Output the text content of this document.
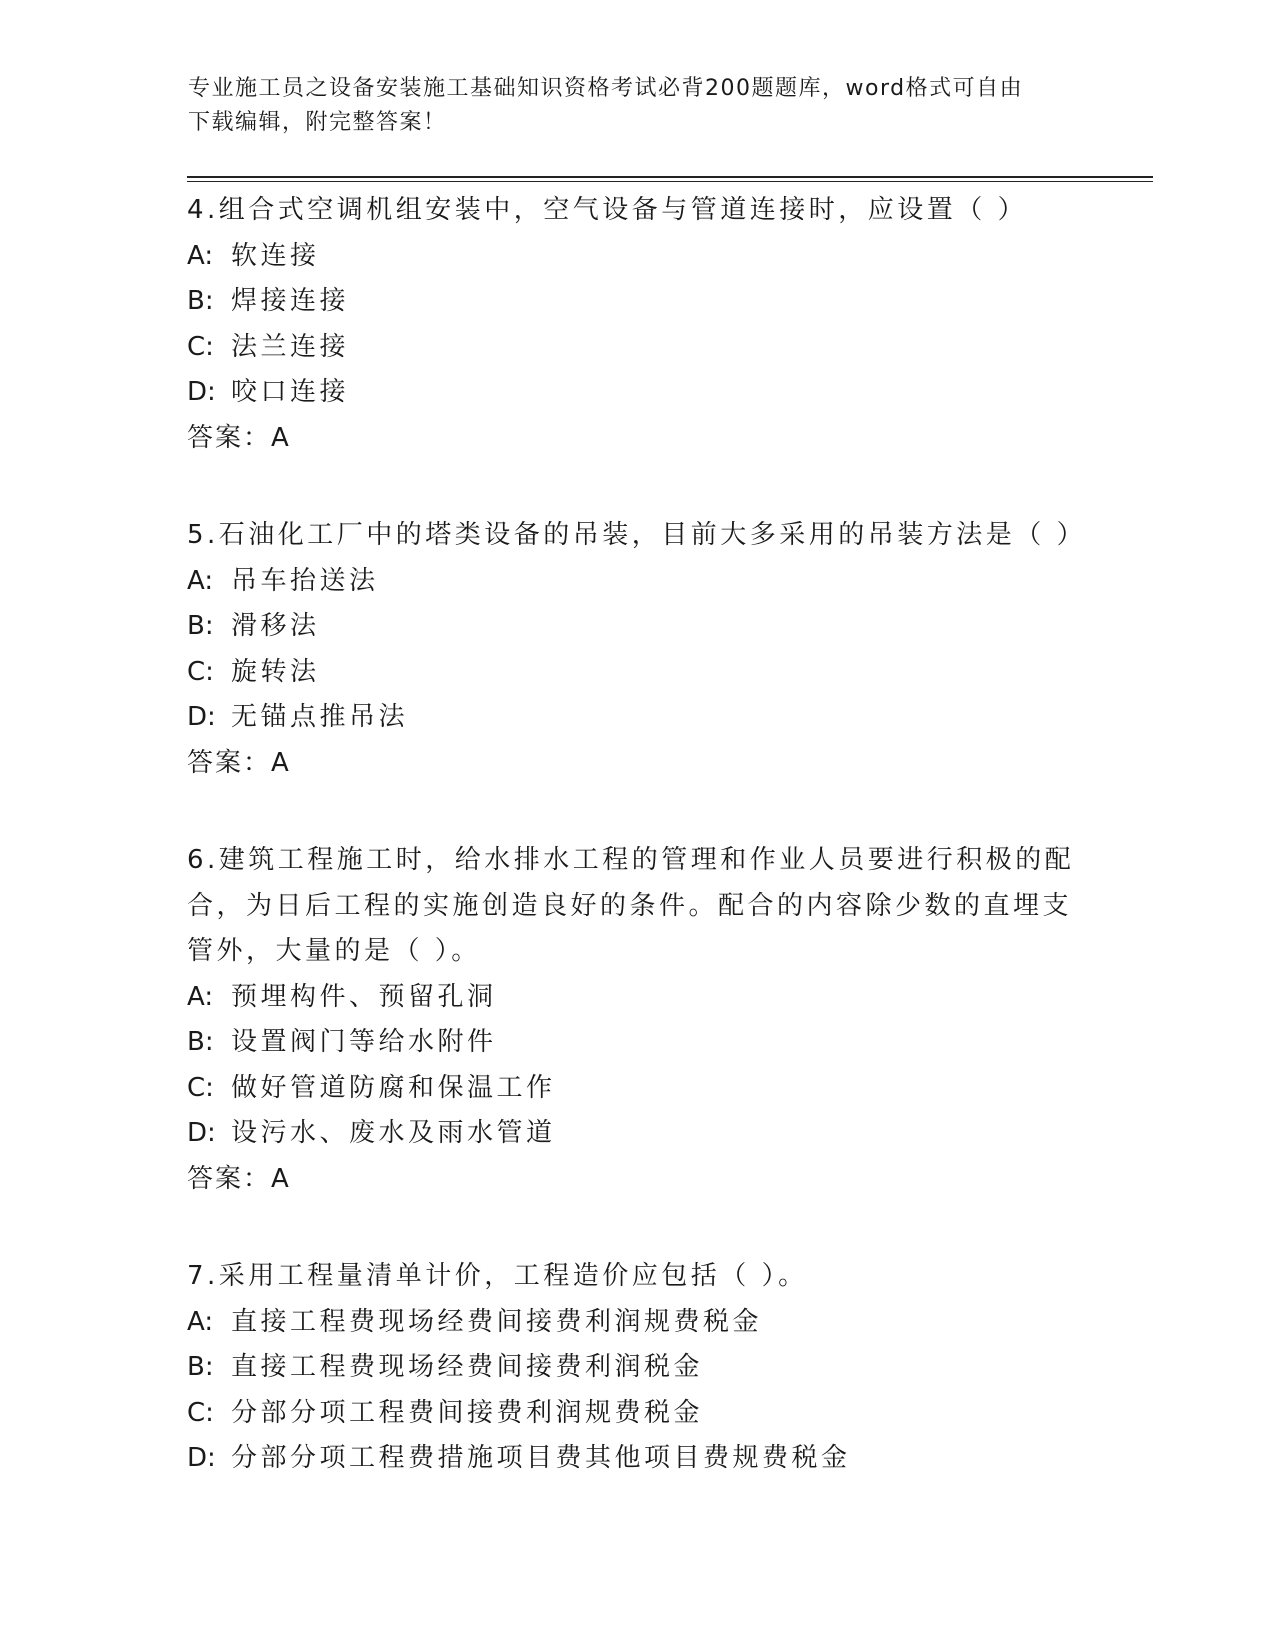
专业施工员之设备安装施工基础知识资格考试必背200题题库，word格式可自由
下载编辑，附完整答案！
4.组合式空调机组安装中，空气设备与管道连接时，应设置（ ）
A: 软连接
B: 焊接连接
C: 法兰连接
D: 咬口连接
答案：A
5.石油化工厂中的塔类设备的吊装，目前大多采用的吊装方法是（ ）
A: 吊车抬送法
B: 滑移法
C: 旋转法
D: 无锚点推吊法
答案：A
6.建筑工程施工时，给水排水工程的管理和作业人员要进行积极的配合，为日后工程的实施创造良好的条件。配合的内容除少数的直埋支管外，大量的是（ ）。
A: 预埋构件、预留孔洞
B: 设置阀门等给水附件
C: 做好管道防腐和保温工作
D: 设污水、废水及雨水管道
答案：A
7.采用工程量清单计价，工程造价应包括（ ）。
A: 直接工程费现场经费间接费利润规费税金
B: 直接工程费现场经费间接费利润税金
C: 分部分项工程费间接费利润规费税金
D: 分部分项工程费措施项目费其他项目费规费税金
